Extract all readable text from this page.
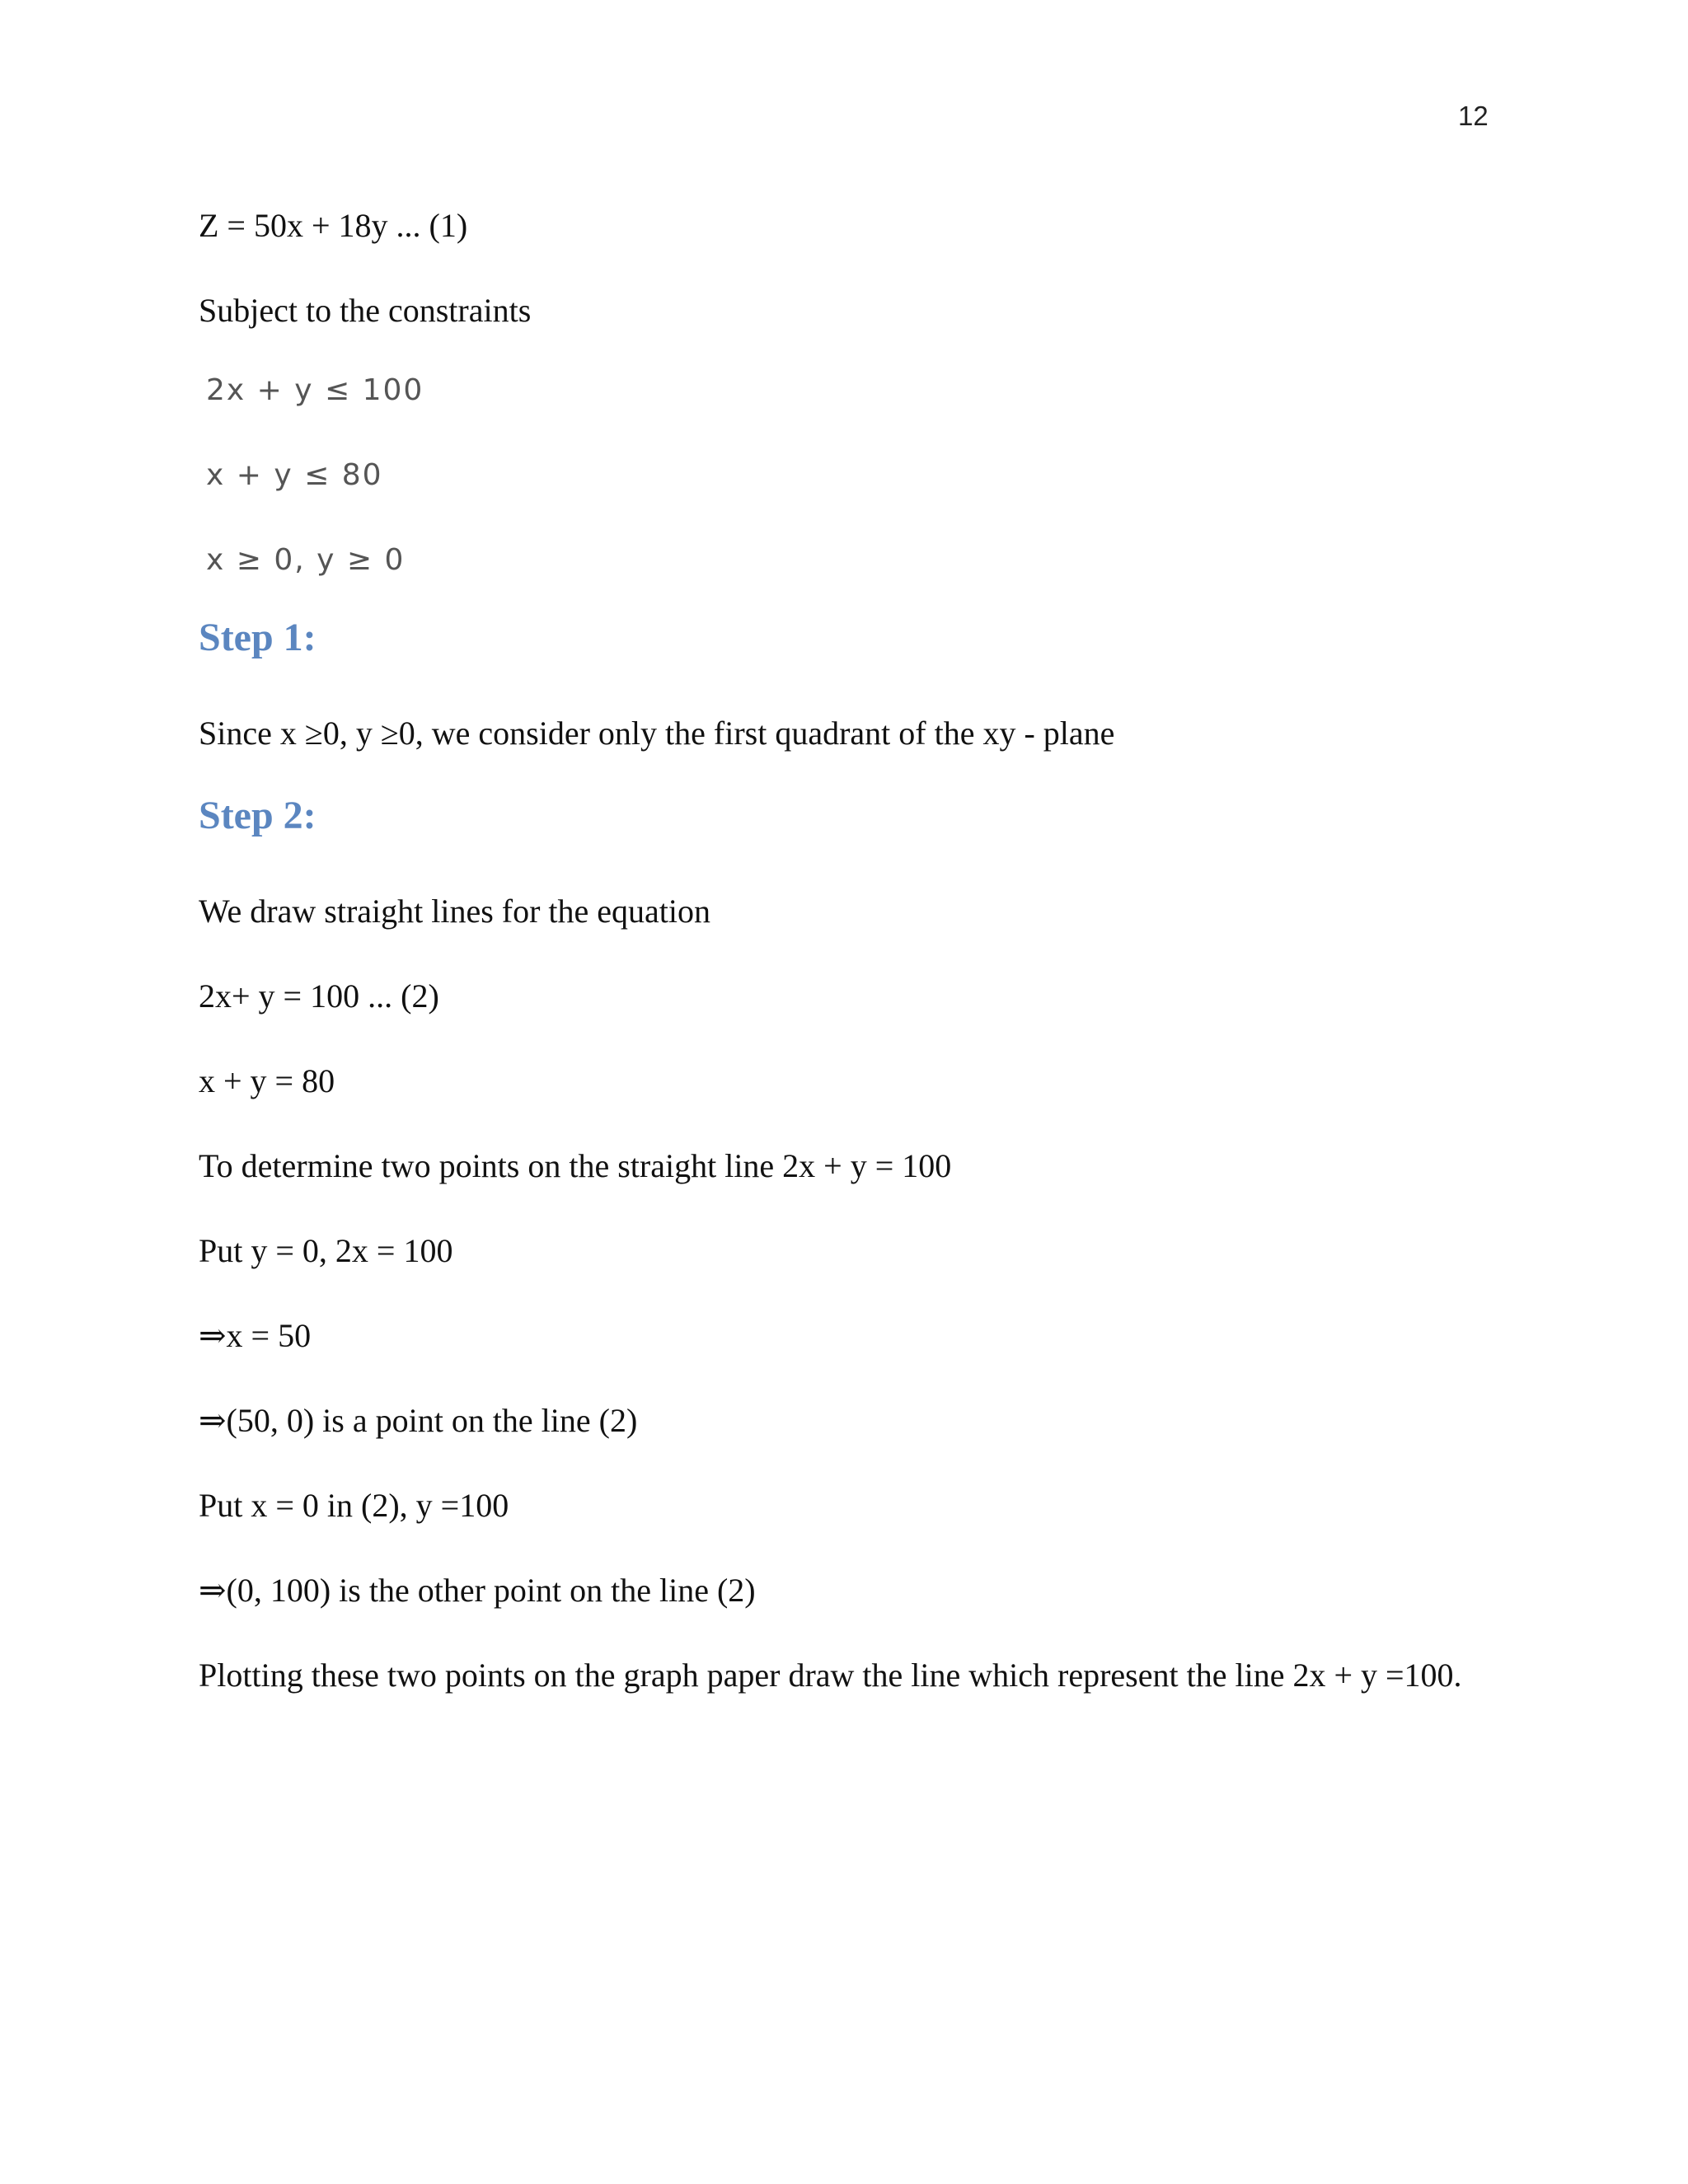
12
Z = 50x + 18y ... (1)
Subject to the constraints
2x + y ≤ 100
x + y ≤ 80
x ≥ 0, y ≥ 0
Step 1:
Since x ≥0, y ≥0, we consider only the first quadrant of the xy - plane
Step 2:
We draw straight lines for the equation
2x+ y = 100 ... (2)
x + y = 80
To determine two points on the straight line 2x + y = 100
Put y = 0, 2x = 100
⇒x = 50
⇒(50, 0) is a point on the line (2)
Put x = 0 in (2), y =100
⇒(0, 100) is the other point on the line (2)
Plotting these two points on the graph paper draw the line which represent the line 2x + y =100.
